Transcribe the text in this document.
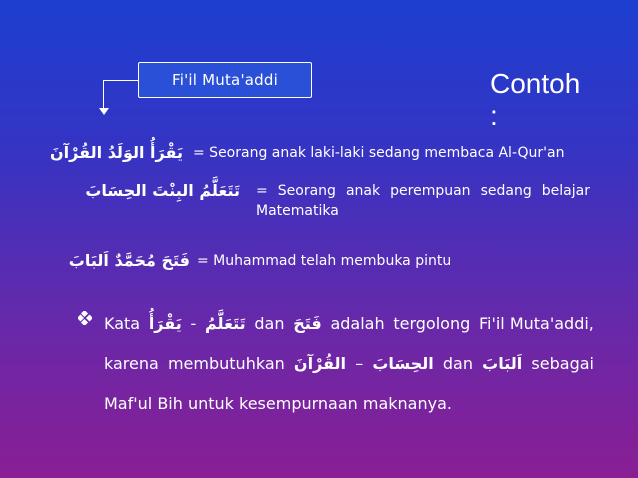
Fi'il Muta'addi	Contoh
:
يَقْرَأُ الوَلَدُ القُرْآنَ = Seorang anak laki-laki sedang membaca Al-Qur'an
تَتَعَلَّمُ البِنْتَ الحِسَابَ = Seorang anak perempuan sedang belajar
Matematika
فَتَحَ مُحَمَّدٌ اَلبَابَ = Muhammad telah membuka pintu
Kata يَقْرَأُ - تَتَعَلَّمُ dan فَتَحَ adalah tergolong Fi'il Muta'addi,
karena membutuhkan القُرْآنَ – الحِسَابَ dan اَلبَابَ sebagai
Maf'ul Bih untuk kesempurnaan maknanya.
